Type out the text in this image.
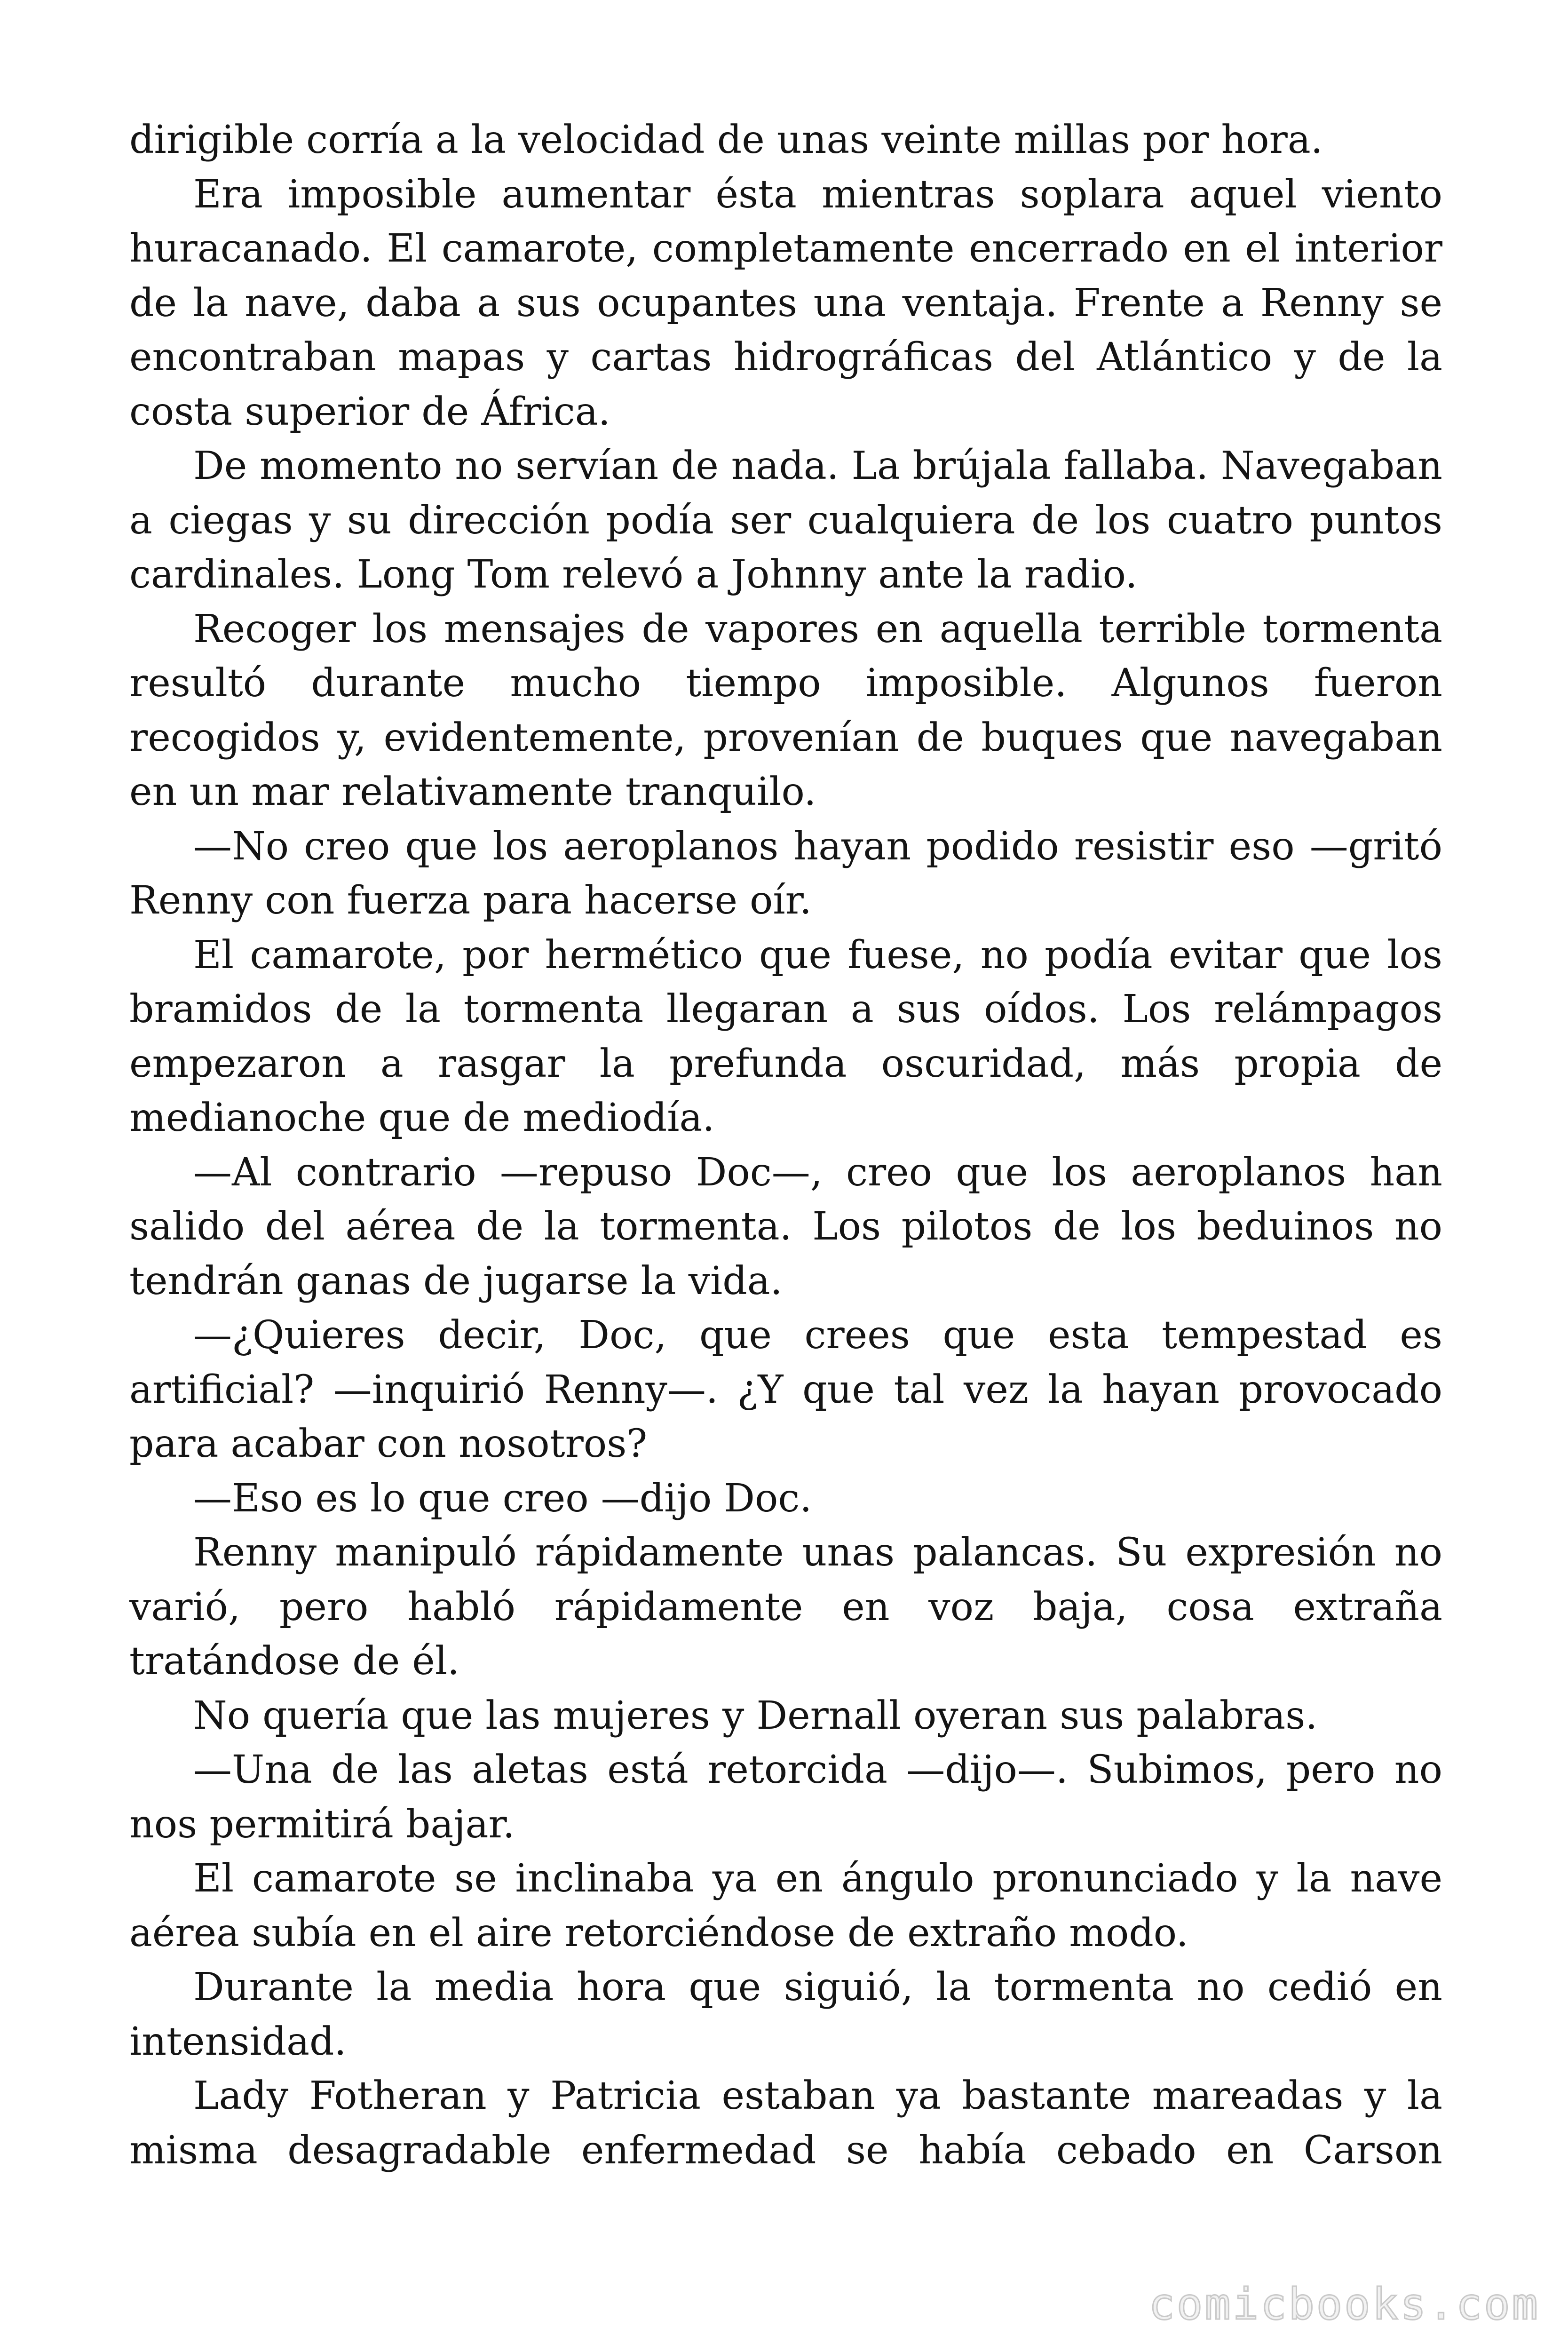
dirigible corría a la velocidad de unas veinte millas por hora.

Era imposible aumentar ésta mientras soplara aquel viento huracanado. El camarote, completamente encerrado en el interior de la nave, daba a sus ocupantes una ventaja. Frente a Renny se encontraban mapas y cartas hidrográficas del Atlántico y de la costa superior de África.

De momento no servían de nada. La brújala fallaba. Navegaban a ciegas y su dirección podía ser cualquiera de los cuatro puntos cardinales. Long Tom relevó a Johnny ante la radio.

Recoger los mensajes de vapores en aquella terrible tormenta resultó durante mucho tiempo imposible. Algunos fueron recogidos y, evidentemente, provenían de buques que navegaban en un mar relativamente tranquilo.

—No creo que los aeroplanos hayan podido resistir eso —gritó Renny con fuerza para hacerse oír.

El camarote, por hermético que fuese, no podía evitar que los bramidos de la tormenta llegaran a sus oídos. Los relámpagos empezaron a rasgar la prefunda oscuridad, más propia de medianoche que de mediodía.

—Al contrario —repuso Doc—, creo que los aeroplanos han salido del aérea de la tormenta. Los pilotos de los beduinos no tendrán ganas de jugarse la vida.

—¿Quieres decir, Doc, que crees que esta tempestad es artificial? —inquirió Renny—. ¿Y que tal vez la hayan provocado para acabar con nosotros?

—Eso es lo que creo —dijo Doc.

Renny manipuló rápidamente unas palancas. Su expresión no varió, pero habló rápidamente en voz baja, cosa extraña tratándose de él.

No quería que las mujeres y Dernall oyeran sus palabras.

—Una de las aletas está retorcida —dijo—. Subimos, pero no nos permitirá bajar.

El camarote se inclinaba ya en ángulo pronunciado y la nave aérea subía en el aire retorciéndose de extraño modo.

Durante la media hora que siguió, la tormenta no cedió en intensidad.

Lady Fotheran y Patricia estaban ya bastante mareadas y la misma desagradable enfermedad se había cebado en Carson

comicbooks.com
